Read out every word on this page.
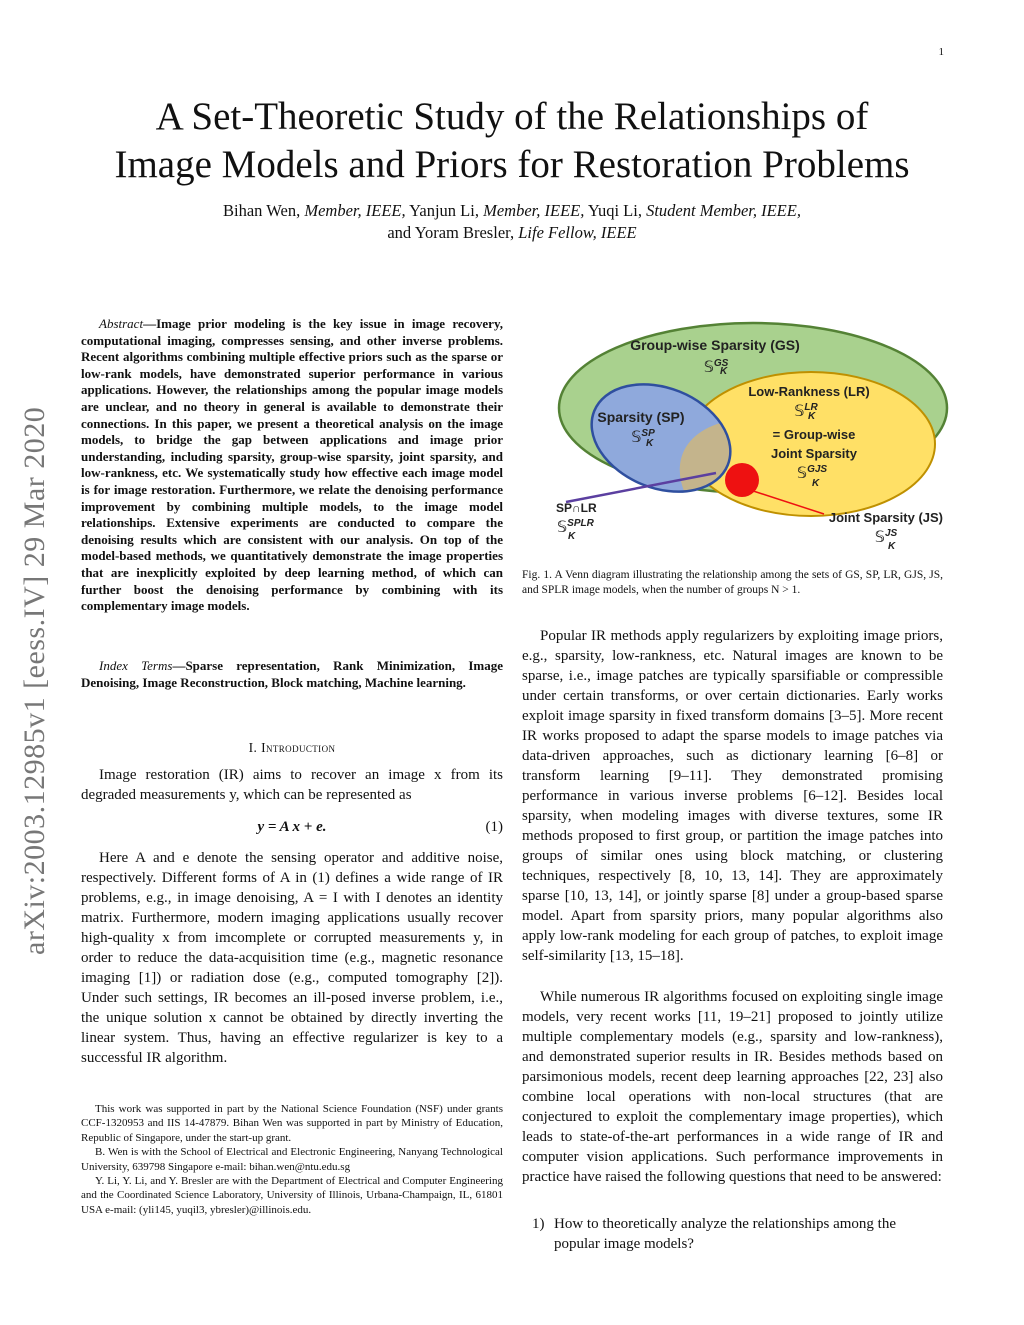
1
arXiv:2003.12985v1 [eess.IV] 29 Mar 2020
A Set-Theoretic Study of the Relationships of
Image Models and Priors for Restoration Problems
Bihan Wen, Member, IEEE, Yanjun Li, Member, IEEE, Yuqi Li, Student Member, IEEE,
and Yoram Bresler, Life Fellow, IEEE

Abstract—Image prior modeling is the key issue in image recovery, computational imaging, compresses sensing, and other inverse problems. Recent algorithms combining multiple effective priors such as the sparse or low-rank models, have demonstrated superior performance in various applications. However, the relationships among the popular image models are unclear, and no theory in general is available to demonstrate their connections. In this paper, we present a theoretical analysis on the image models, to bridge the gap between applications and image prior understanding, including sparsity, group-wise sparsity, joint sparsity, and low-rankness, etc. We systematically study how effective each image model is for image restoration. Furthermore, we relate the denoising performance improvement by combining multiple models, to the image model relationships. Extensive experiments are conducted to compare the denoising results which are consistent with our analysis. On top of the model-based methods, we quantitatively demonstrate the image properties that are inexplicitly exploited by deep learning method, of which can further boost the denoising performance by combining with its complementary image models.

Index Terms—Sparse representation, Rank Minimization, Image Denoising, Image Reconstruction, Block matching, Machine learning.

I. Introduction

Image restoration (IR) aims to recover an image x from its degraded measurements y, which can be represented as

y = A x + e.	(1)

Here A and e denote the sensing operator and additive noise, respectively. Different forms of A in (1) defines a wide range of IR problems, e.g., in image denoising, A = I with I denotes an identity matrix. Furthermore, modern imaging applications usually recover high-quality x from imcomplete or corrupted measurements y, in order to reduce the data-acquisition time (e.g., magnetic resonance imaging [1]) or radiation dose (e.g., computed tomography [2]). Under such settings, IR becomes an ill-posed inverse problem, i.e., the unique solution x cannot be obtained by directly inverting the linear system. Thus, having an effective regularizer is key to a successful IR algorithm.

This work was supported in part by the National Science Foundation (NSF) under grants CCF-1320953 and IIS 14-47879. Bihan Wen was supported in part by Ministry of Education, Republic of Singapore, under the start-up grant.

B. Wen is with the School of Electrical and Electronic Engineering, Nanyang Technological University, 639798 Singapore e-mail: bihan.wen@ntu.edu.sg

Y. Li, Y. Li, and Y. Bresler are with the Department of Electrical and Computer Engineering and the Coordinated Science Laboratory, University of Illinois, Urbana-Champaign, IL, 61801 USA e-mail: (yli145, yuqil3, ybresler)@illinois.edu.

Group-wise Sparsity (GS)
𝕊$^{GS}$
K
Low-Rankness (LR)
𝕊$^{LR}$
K
Sparsity (SP)
𝕊$^{SP}$
K
= Group-wise
Joint Sparsity
𝕊$^{GJS}$
K
SP∩LR
𝕊$^{SPLR}$
K
Joint Sparsity (JS)
𝕊$^{JS}$
K
Fig. 1. A Venn diagram illustrating the relationship among the sets of GS, SP, LR, GJS, JS, and SPLR image models, when the number of groups N > 1.

Popular IR methods apply regularizers by exploiting image priors, e.g., sparsity, low-rankness, etc. Natural images are known to be sparse, i.e., image patches are typically sparsifiable or compressible under certain transforms, or over certain dictionaries. Early works exploit image sparsity in fixed transform domains [3–5]. More recent IR works proposed to adapt the sparse models to image patches via data-driven approaches, such as dictionary learning [6–8] or transform learning [9–11]. They demonstrated promising performance in various inverse problems [6–12]. Besides local sparsity, when modeling images with diverse textures, some IR methods proposed to first group, or partition the image patches into groups of similar ones using block matching, or clustering techniques, respectively [8, 10, 13, 14]. They are approximately sparse [10, 13, 14], or jointly sparse [8] under a group-based sparse model. Apart from sparsity priors, many popular algorithms also apply low-rank modeling for each group of patches, to exploit image self-similarity [13, 15–18].

While numerous IR algorithms focused on exploiting single image models, very recent works [11, 19–21] proposed to jointly utilize multiple complementary models (e.g., sparsity and low-rankness), and demonstrated superior results in IR. Besides methods based on parsimonious models, recent deep learning approaches [22, 23] also combine local operations with non-local structures (that are conjectured to exploit the complementary image properties), which leads to state-of-the-art performances in a wide range of IR and computer vision applications. Such performance improvements in practice have raised the following questions that need to be answered:

1) How to theoretically analyze the relationships among the popular image models?
